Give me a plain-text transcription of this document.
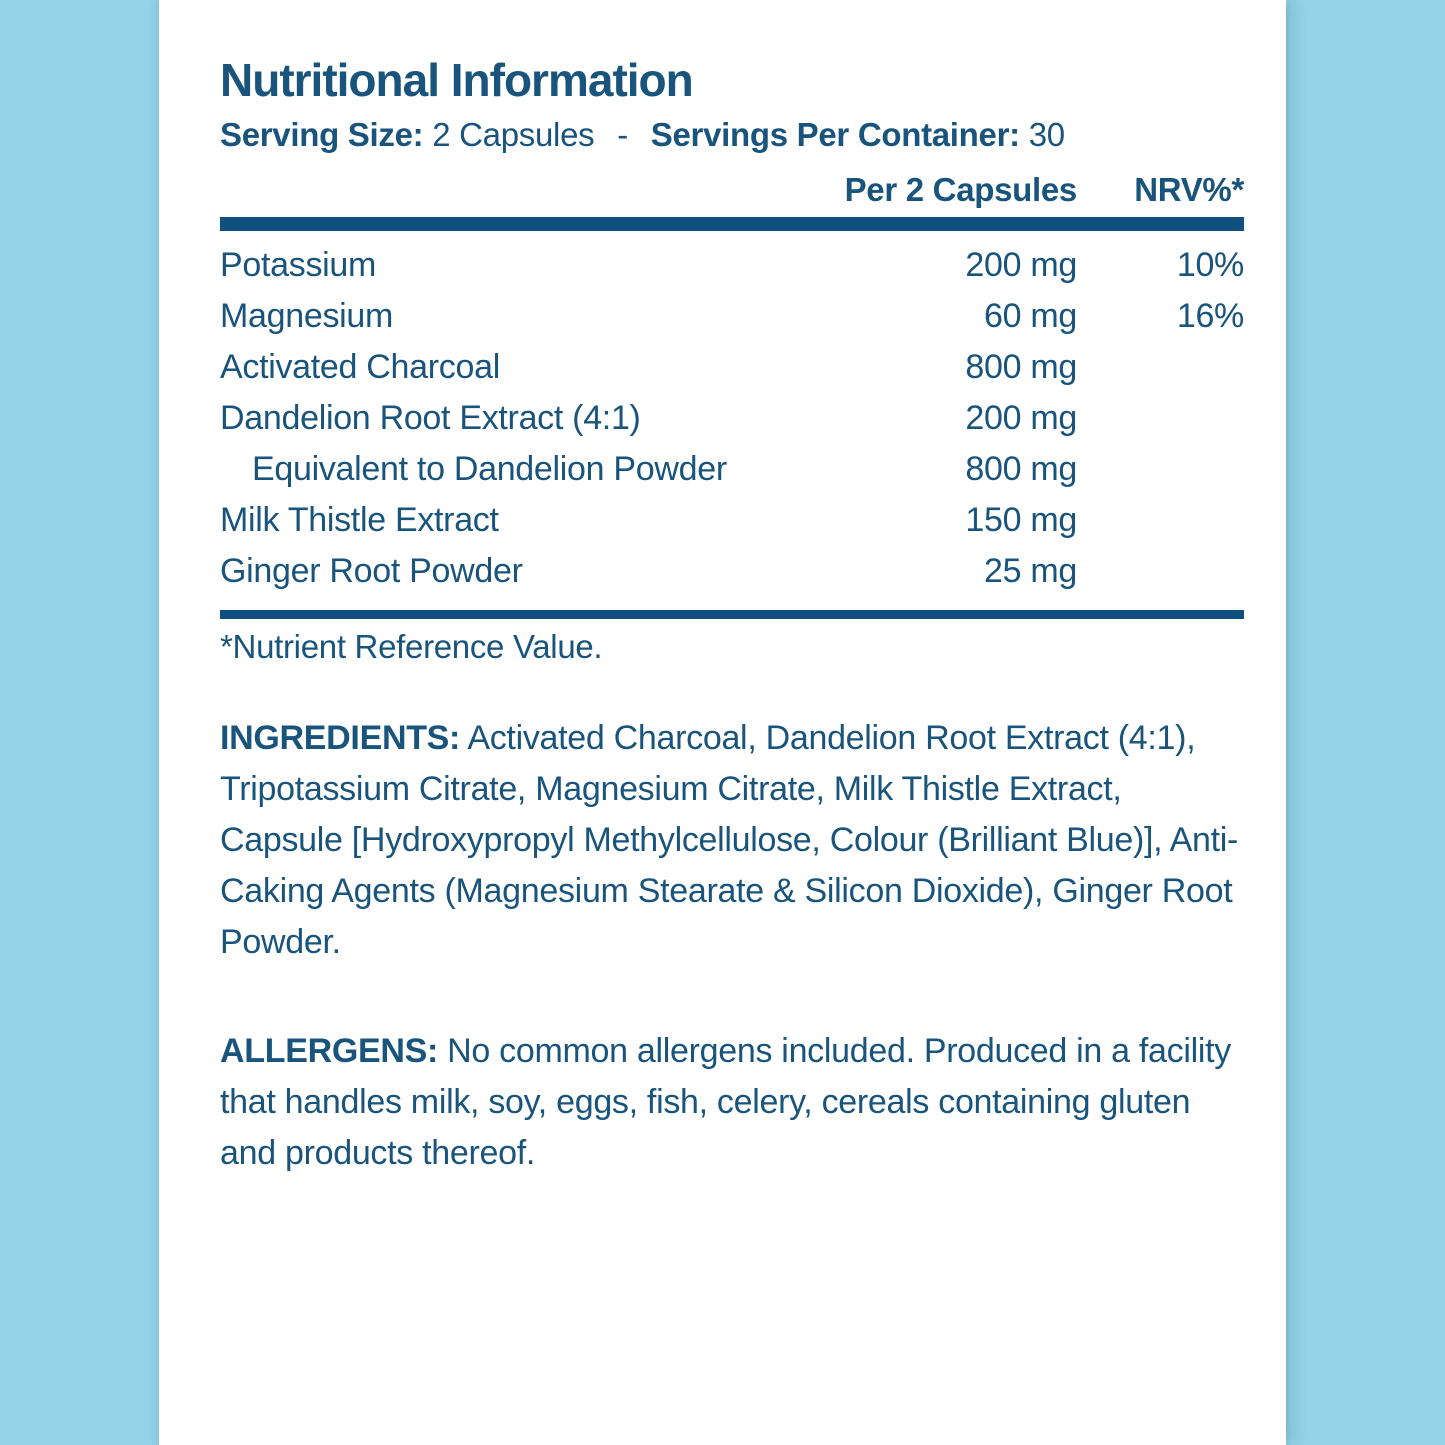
Nutritional Information
Serving Size: 2 Capsules - Servings Per Container: 30
Per 2 Capsules	NRV%*
Potassium	200 mg	10%
Magnesium	60 mg	16%
Activated Charcoal	800 mg
Dandelion Root Extract (4:1)	200 mg
Equivalent to Dandelion Powder	800 mg
Milk Thistle Extract	150 mg
Ginger Root Powder	25 mg
*Nutrient Reference Value.
INGREDIENTS: Activated Charcoal, Dandelion Root Extract (4:1), Tripotassium Citrate, Magnesium Citrate, Milk Thistle Extract, Capsule [Hydroxypropyl Methylcellulose, Colour (Brilliant Blue)], Anti-Caking Agents (Magnesium Stearate & Silicon Dioxide), Ginger Root Powder.
ALLERGENS: No common allergens included. Produced in a facility that handles milk, soy, eggs, fish, celery, cereals containing gluten and products thereof.
